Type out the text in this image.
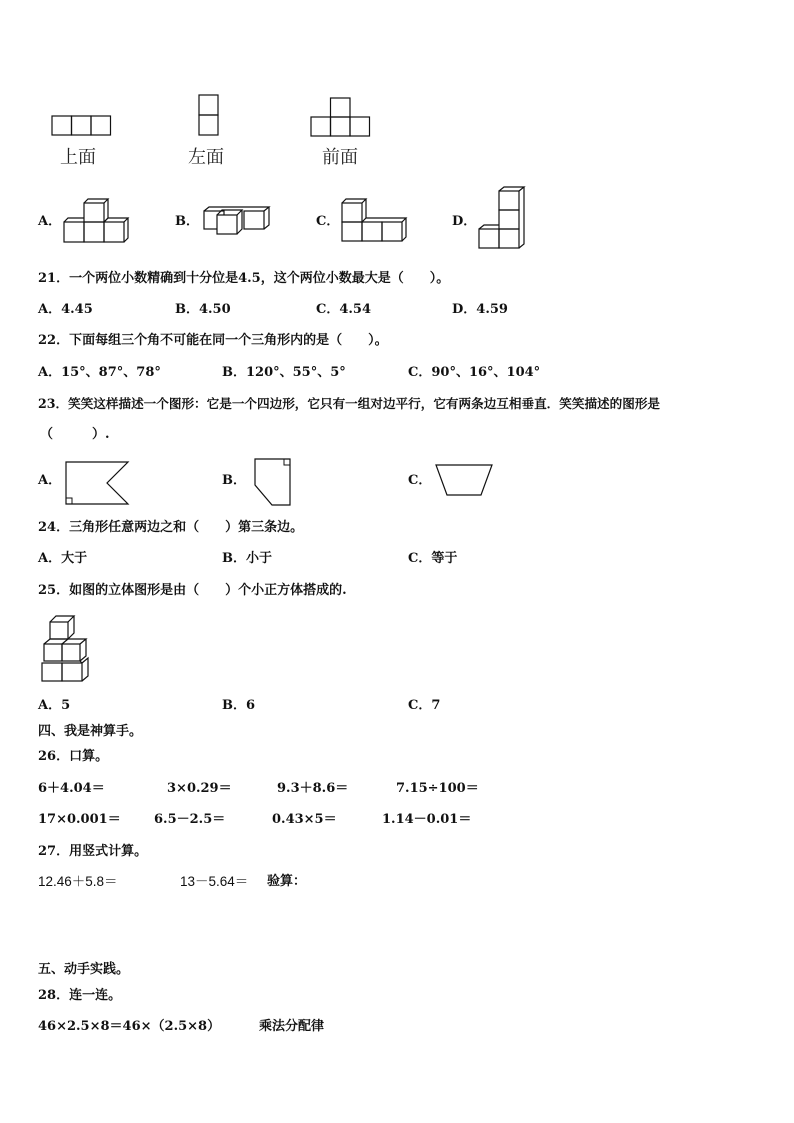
上面	左面	前面
A．	B．	C．	D．
21．一个两位小数精确到十分位是4.5，这个两位小数最大是（　　）。
A．4.45	B．4.50	C．4.54	D．4.59
22．下面每组三个角不可能在同一个三角形内的是（　　）。
A．15°、87°、78°	B．120°、55°、5°	C．90°、16°、104°
23．笑笑这样描述一个图形：它是一个四边形，它只有一组对边平行，它有两条边互相垂直．笑笑描述的图形是
（　　　）.
A．	B．	C．
24．三角形任意两边之和（　　）第三条边。
A．大于	B．小于	C．等于
25．如图的立体图形是由（　　）个小正方体搭成的.
A．5	B．6	C．7
四、我是神算手。
26．口算。
6＋4.04＝	3×0.29＝	9.3＋8.6＝	7.15÷100＝
17×0.001＝	6.5－2.5＝	0.43×5＝	1.14－0.01＝
27．用竖式计算。
12.46＋5.8＝	13－5.64＝ 验算：
五、动手实践。
28．连一连。
46×2.5×8＝46×（2.5×8）	乘法分配律
